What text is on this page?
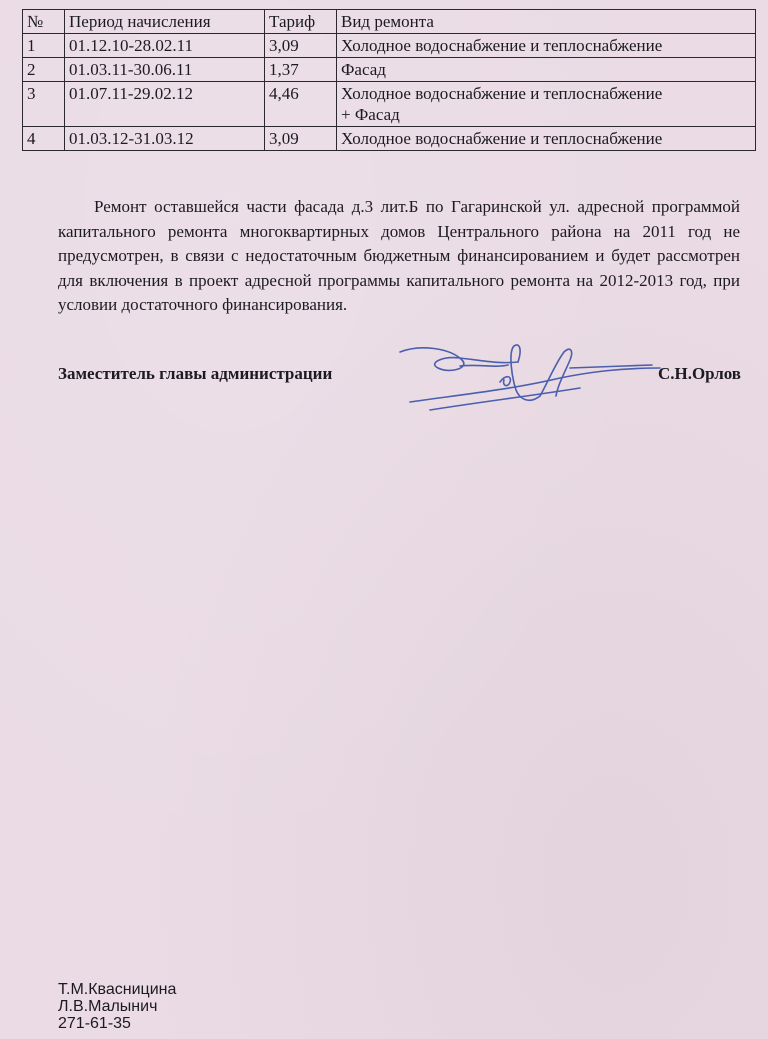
№	Период начисления	Тариф	Вид ремонта
1	01.12.10-28.02.11	3,09	Холодное водоснабжение и теплоснабжение
2	01.03.11-30.06.11	1,37	Фасад
3	01.07.11-29.02.12	4,46	Холодное водоснабжение и теплоснабжение
+ Фасад
4	01.03.12-31.03.12	3,09	Холодное водоснабжение и теплоснабжение

Ремонт оставшейся части фасада д.3 лит.Б по Гагаринской ул. адресной программой капитального ремонта многоквартирных домов Центрального района на 2011 год не предусмотрен, в связи с недостаточным бюджетным финансированием и будет рассмотрен для включения в проект адресной программы капитального ремонта на 2012-2013 год, при условии достаточного финансирования.

Заместитель главы администрации	С.Н.Орлов
Т.М.Квасницина
Л.В.Малынич
271-61-35
